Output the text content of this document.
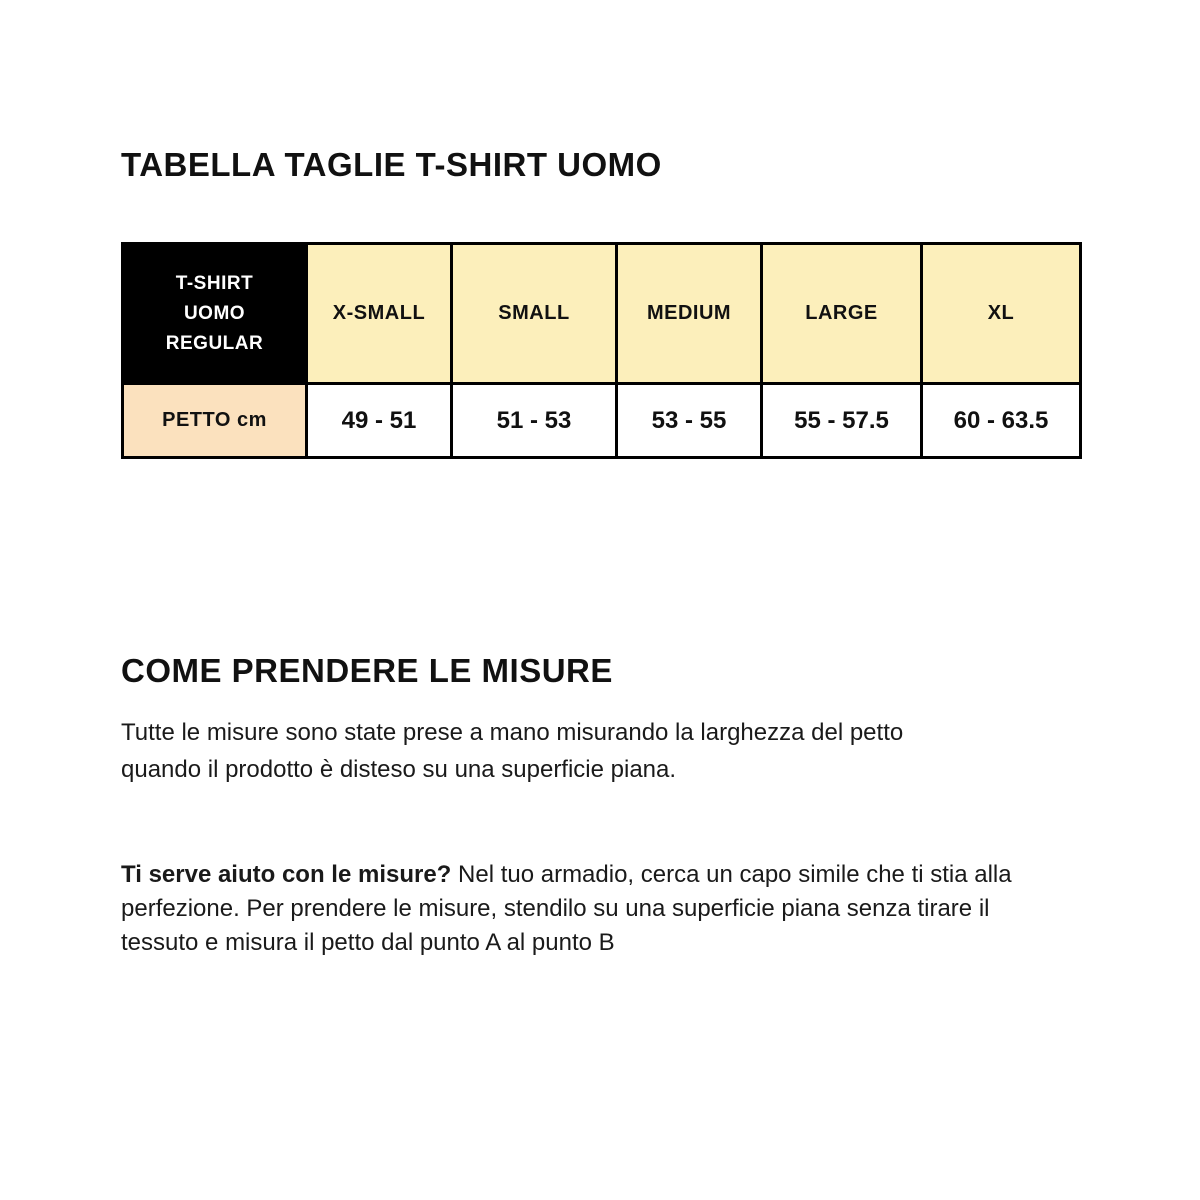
TABELLA TAGLIE T-SHIRT UOMO
T-SHIRT
UOMO
REGULAR	X-SMALL	SMALL	MEDIUM	LARGE	XL
PETTO cm	49 - 51	51 - 53	53 - 55	55 - 57.5	60 - 63.5
COME PRENDERE LE MISURE

Tutte le misure sono state prese a mano misurando la larghezza del petto
quando il prodotto è disteso su una superficie piana.

Ti serve aiuto con le misure? Nel tuo armadio, cerca un capo simile che ti stia alla
perfezione. Per prendere le misure, stendilo su una superficie piana senza tirare il
tessuto e misura il petto dal punto A al punto B
